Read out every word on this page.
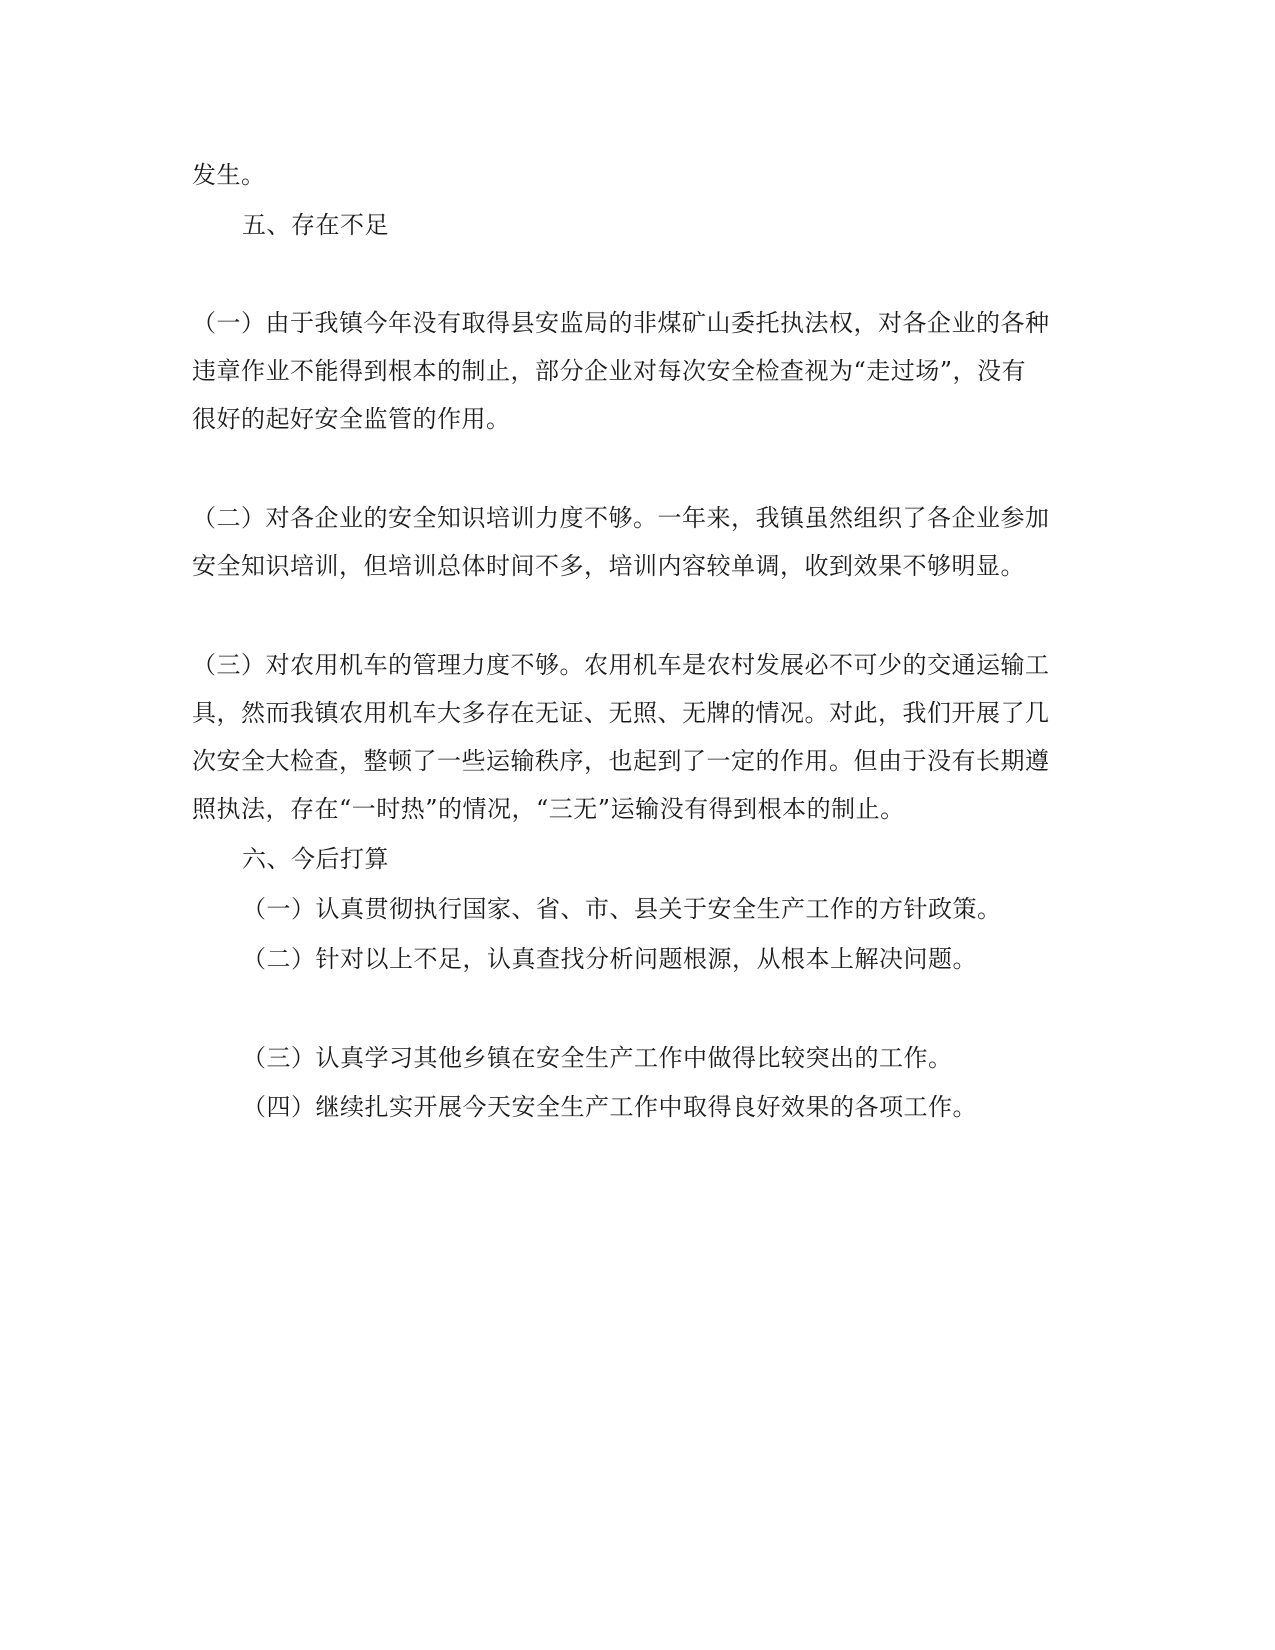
发生。
五、存在不足
（一）由于我镇今年没有取得县安监局的非煤矿山委托执法权，对各企业的各种
违章作业不能得到根本的制止，部分企业对每次安全检查视为“走过场”，没有
很好的起好安全监管的作用。
（二）对各企业的安全知识培训力度不够。一年来，我镇虽然组织了各企业参加
安全知识培训，但培训总体时间不多，培训内容较单调，收到效果不够明显。
（三）对农用机车的管理力度不够。农用机车是农村发展必不可少的交通运输工
具，然而我镇农用机车大多存在无证、无照、无牌的情况。对此，我们开展了几
次安全大检查，整顿了一些运输秩序，也起到了一定的作用。但由于没有长期遵
照执法，存在“一时热”的情况，“三无”运输没有得到根本的制止。
六、今后打算
（一）认真贯彻执行国家、省、市、县关于安全生产工作的方针政策。
（二）针对以上不足，认真查找分析问题根源，从根本上解决问题。
（三）认真学习其他乡镇在安全生产工作中做得比较突出的工作。
（四）继续扎实开展今天安全生产工作中取得良好效果的各项工作。
